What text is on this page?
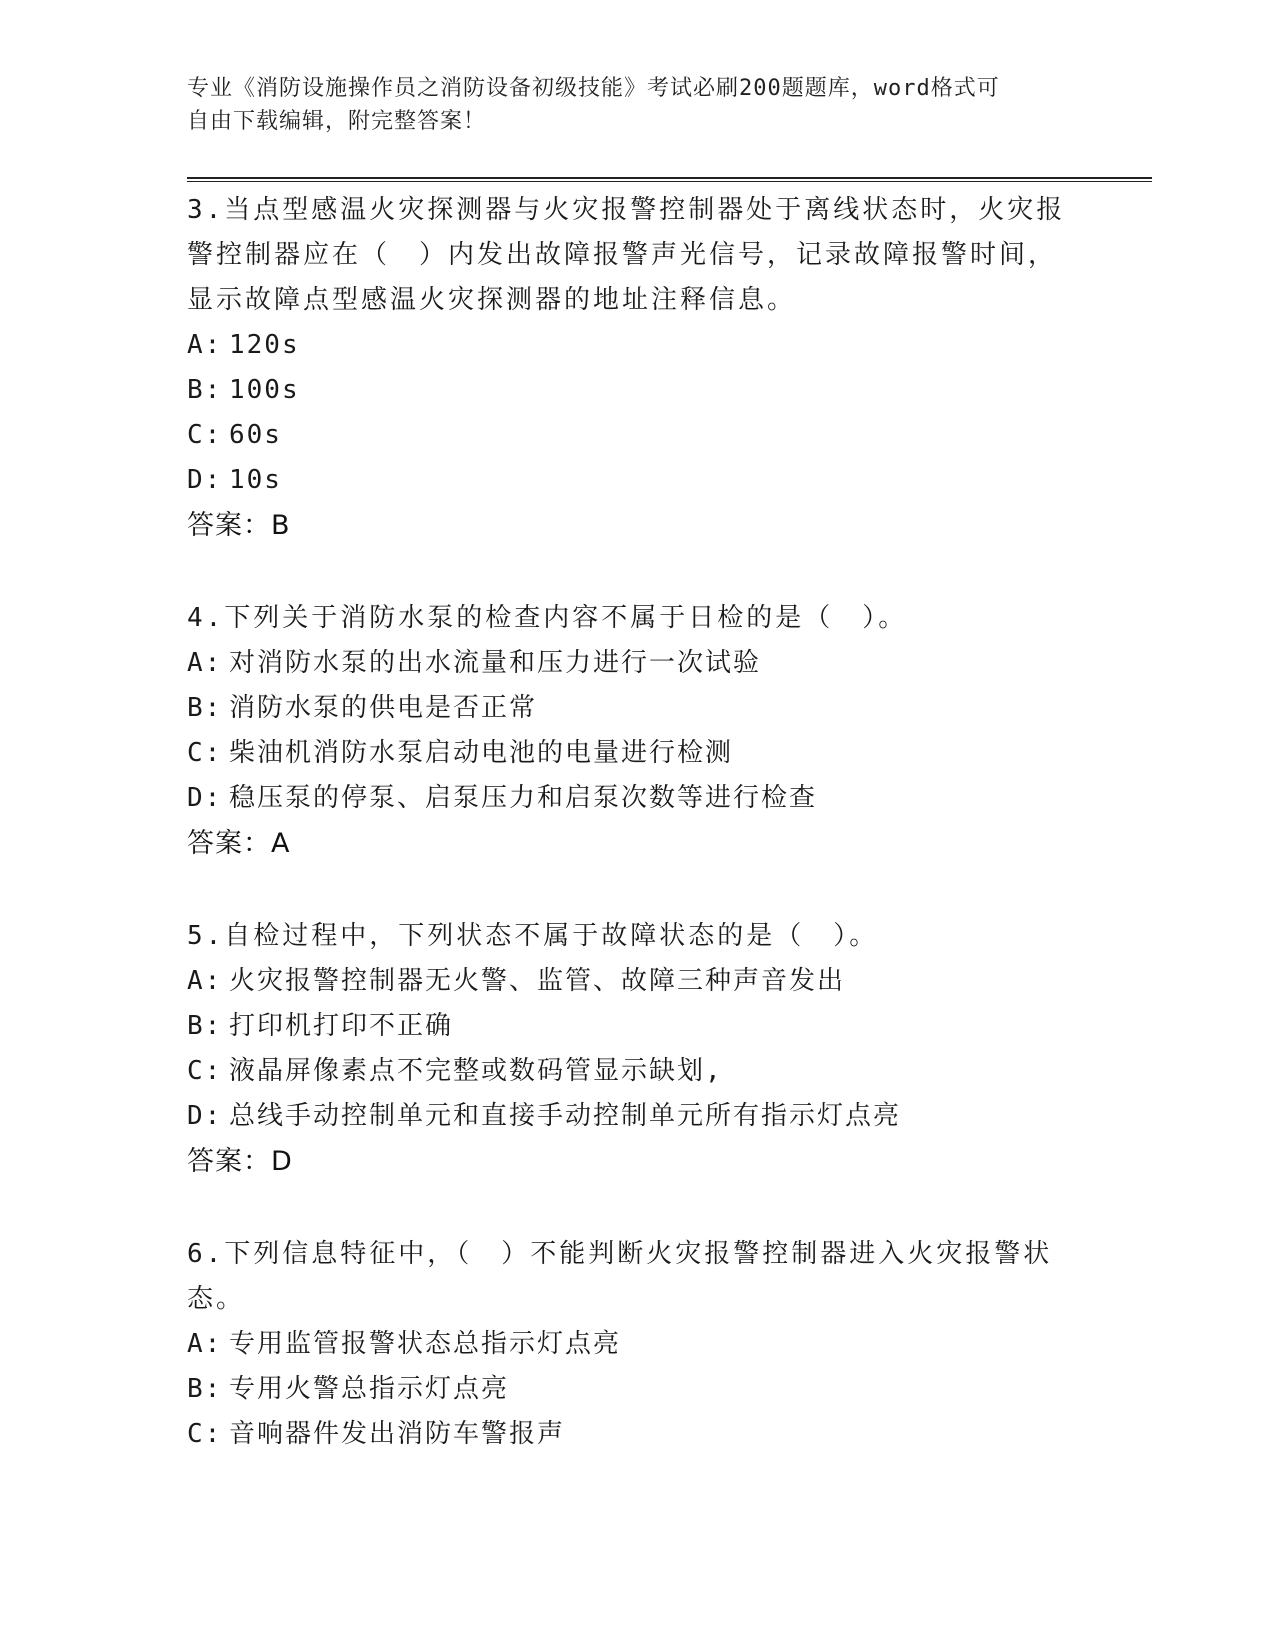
专业《消防设施操作员之消防设备初级技能》考试必刷200题题库，word格式可
自由下载编辑，附完整答案！

3.当点型感温火灾探测器与火灾报警控制器处于离线状态时，火灾报
警控制器应在（　）内发出故障报警声光信号，记录故障报警时间，
显示故障点型感温火灾探测器的地址注释信息。

A: 120s

B: 100s

C: 60s

D: 10s

答案：B

4.下列关于消防水泵的检查内容不属于日检的是（　）。

A: 对消防水泵的出水流量和压力进行一次试验

B: 消防水泵的供电是否正常

C: 柴油机消防水泵启动电池的电量进行检测

D: 稳压泵的停泵、启泵压力和启泵次数等进行检查

答案：A

5.自检过程中，下列状态不属于故障状态的是（　）。

A: 火灾报警控制器无火警、监管、故障三种声音发出

B: 打印机打印不正确

C: 液晶屏像素点不完整或数码管显示缺划,

D: 总线手动控制单元和直接手动控制单元所有指示灯点亮

答案：D

6.下列信息特征中，（　）不能判断火灾报警控制器进入火灾报警状
态。

A: 专用监管报警状态总指示灯点亮

B: 专用火警总指示灯点亮

C: 音响器件发出消防车警报声
